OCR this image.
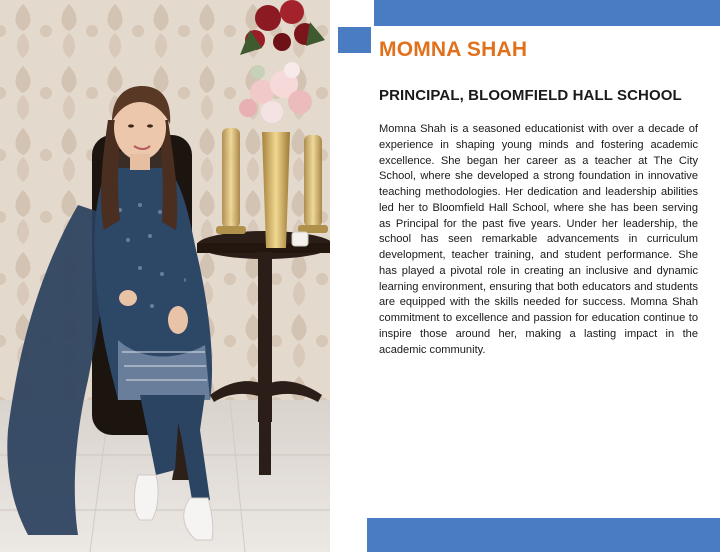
MOMNA SHAH
PRINCIPAL, BLOOMFIELD HALL SCHOOL

Momna Shah is a seasoned educationist with over a decade of experience in shaping young minds and fostering academic excellence. She began her career as a teacher at The City School, where she developed a strong foundation in innovative teaching methodologies. Her dedication and leadership abilities led her to Bloomfield Hall School, where she has been serving as Principal for the past five years. Under her leadership, the school has seen remarkable advancements in curriculum development, teacher training, and student performance. She has played a pivotal role in creating an inclusive and dynamic learning environment, ensuring that both educators and students are equipped with the skills needed for success. Momna Shah commitment to excellence and passion for education continue to inspire those around her, making a lasting impact in the academic community.
